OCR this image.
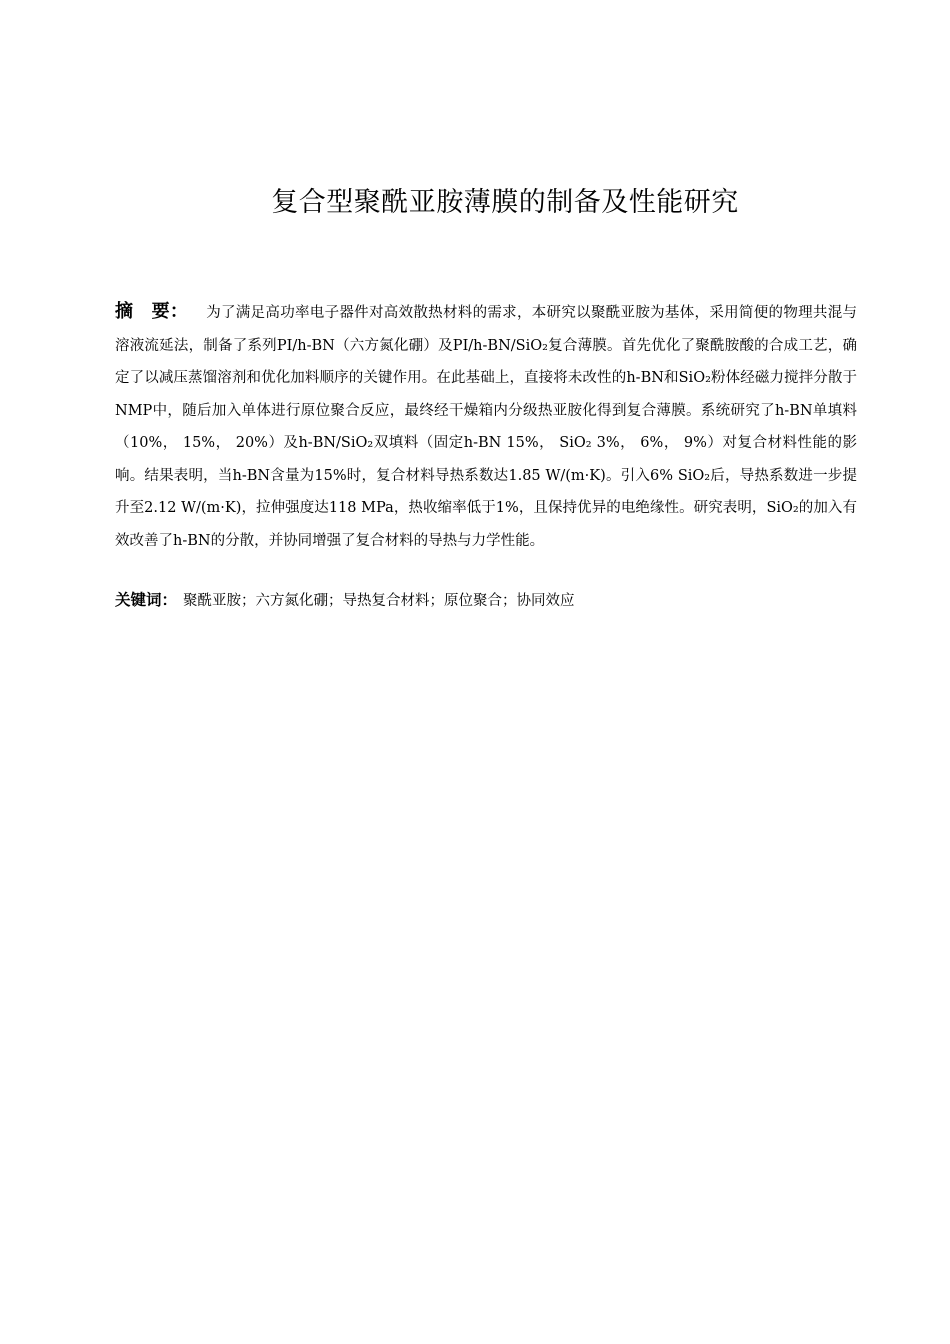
复合型聚酰亚胺薄膜的制备及性能研究
摘　要： 为了满足高功率电子器件对高效散热材料的需求，本研究以聚酰亚胺为基体，采用简便的物理共混与溶液流延法，制备了系列PI/h-BN（六方氮化硼）及PI/h-BN/SiO₂复合薄膜。首先优化了聚酰胺酸的合成工艺，确定了以减压蒸馏溶剂和优化加料顺序的关键作用。在此基础上，直接将未改性的h-BN和SiO₂粉体经磁力搅拌分散于NMP中，随后加入单体进行原位聚合反应，最终经干燥箱内分级热亚胺化得到复合薄膜。系统研究了h-BN单填料（10%， 15%， 20%）及h-BN/SiO₂双填料（固定h-BN 15%， SiO₂ 3%， 6%， 9%）对复合材料性能的影响。结果表明，当h-BN含量为15%时，复合材料导热系数达1.85 W/(m·K)。引入6% SiO₂后，导热系数进一步提升至2.12 W/(m·K)，拉伸强度达118 MPa，热收缩率低于1%，且保持优异的电绝缘性。研究表明，SiO₂的加入有效改善了h-BN的分散，并协同增强了复合材料的导热与力学性能。
关键词： 聚酰亚胺；六方氮化硼；导热复合材料；原位聚合；协同效应
